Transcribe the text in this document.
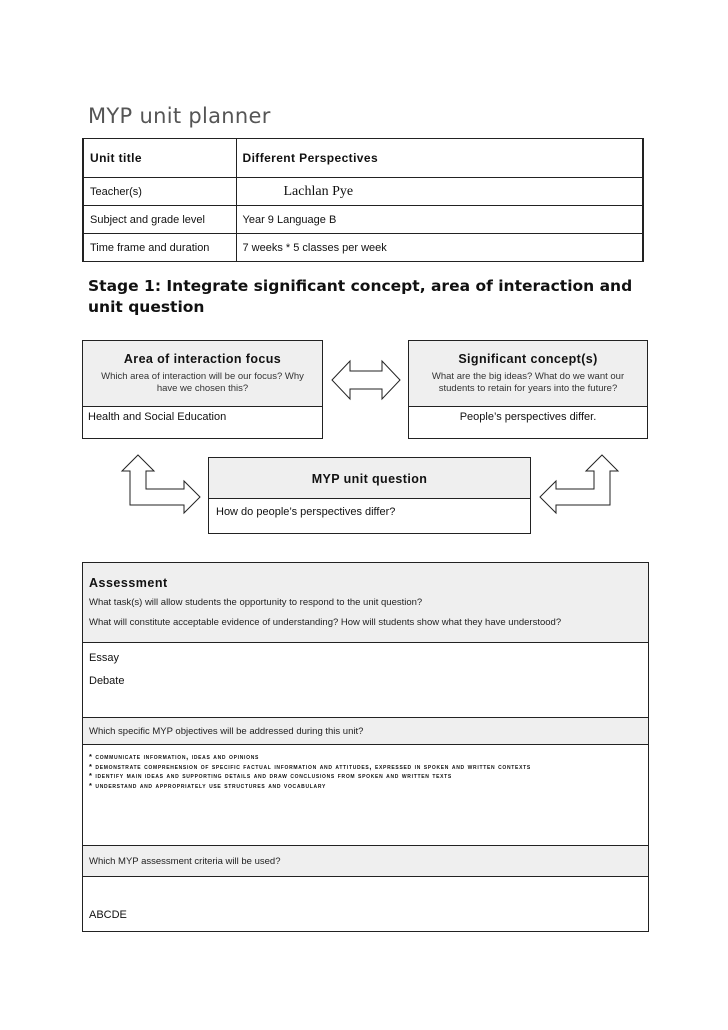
MYP unit planner
Unit title	Different Perspectives
Teacher(s)	Lachlan Pye
Subject and grade level	Year 9 Language B
Time frame and duration	7 weeks * 5 classes per week
Stage 1: Integrate significant concept, area of interaction and unit question
Area of interaction focus
Which area of interaction will be our focus? Why have we chosen this?
Health and Social Education
Significant concept(s)
What are the big ideas? What do we want our students to retain for years into the future?
People’s perspectives differ.
MYP unit question
How do people’s perspectives differ?
Assessment
What task(s) will allow students the opportunity to respond to the unit question?
What will constitute acceptable evidence of understanding? How will students show what they have understood?
Essay
Debate
Which specific MYP objectives will be addressed during this unit?
* communicate information, ideas and opinions
* demonstrate comprehension of specific factual information and attitudes, expressed in spoken and written contexts
* identify main ideas and supporting details and draw conclusions from spoken and written texts
* understand and appropriately use structures and vocabulary
Which MYP assessment criteria will be used?
ABCDE
